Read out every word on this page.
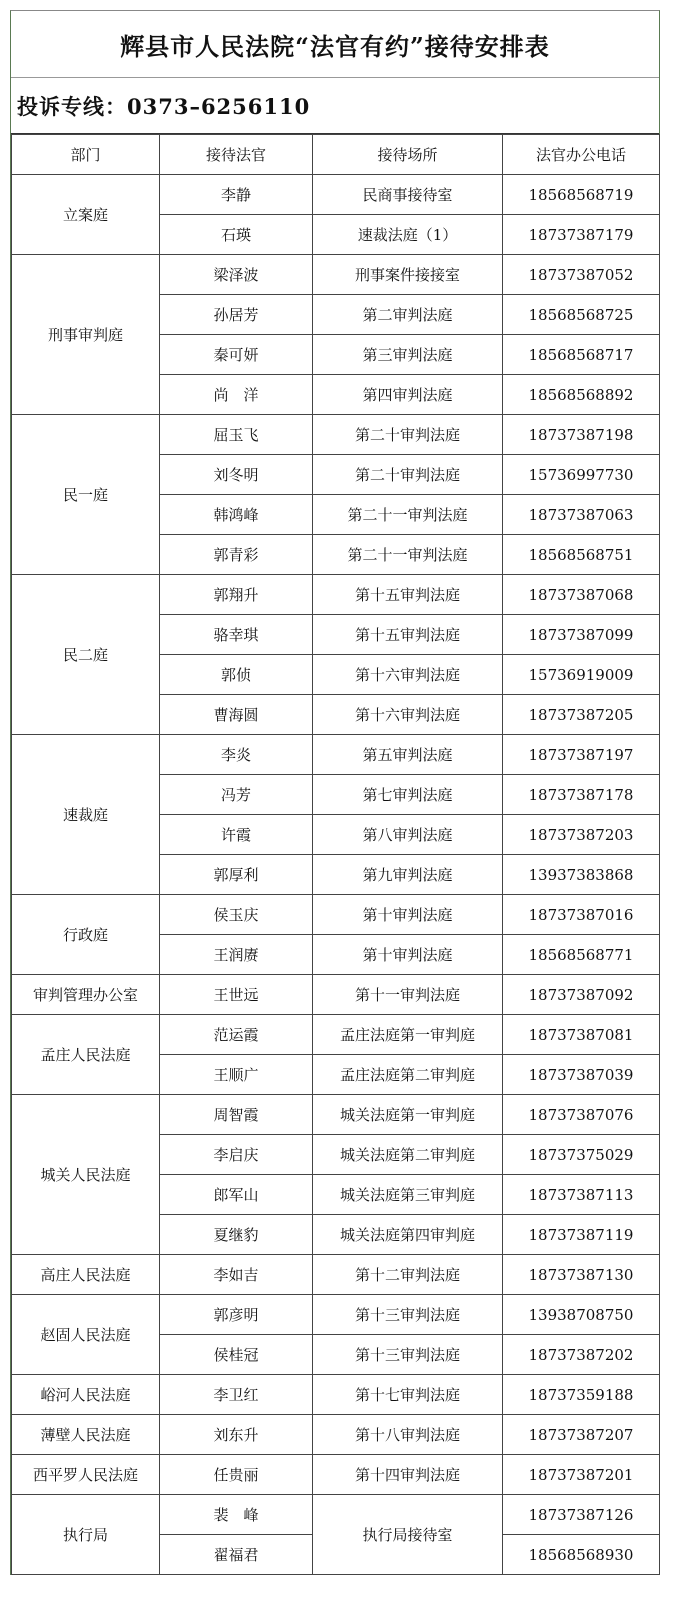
辉县市人民法院“法官有约”接待安排表
投诉专线：0373–6256110
部门	接待法官	接待场所	法官办公电话
立案庭	李静	民商事接待室	18568568719
	石瑛	速裁法庭（1）	18737387179
刑事审判庭	梁泽波	刑事案件接接室	18737387052
	孙居芳	第二审判法庭	18568568725
	秦可妍	第三审判法庭	18568568717
	尚　洋	第四审判法庭	18568568892
民一庭	屈玉飞	第二十审判法庭	18737387198
	刘冬明	第二十审判法庭	15736997730
	韩鸿峰	第二十一审判法庭	18737387063
	郭青彩	第二十一审判法庭	18568568751
民二庭	郭翔升	第十五审判法庭	18737387068
	骆幸琪	第十五审判法庭	18737387099
	郭侦	第十六审判法庭	15736919009
	曹海圆	第十六审判法庭	18737387205
速裁庭	李炎	第五审判法庭	18737387197
	冯芳	第七审判法庭	18737387178
	许霞	第八审判法庭	18737387203
	郭厚利	第九审判法庭	13937383868
行政庭	侯玉庆	第十审判法庭	18737387016
	王润赓	第十审判法庭	18568568771
审判管理办公室	王世远	第十一审判法庭	18737387092
孟庄人民法庭	范运霞	孟庄法庭第一审判庭	18737387081
	王顺广	孟庄法庭第二审判庭	18737387039
城关人民法庭	周智霞	城关法庭第一审判庭	18737387076
	李启庆	城关法庭第二审判庭	18737375029
	郎军山	城关法庭第三审判庭	18737387113
	夏继豹	城关法庭第四审判庭	18737387119
高庄人民法庭	李如吉	第十二审判法庭	18737387130
赵固人民法庭	郭彦明	第十三审判法庭	13938708750
	侯桂冠	第十三审判法庭	18737387202
峪河人民法庭	李卫红	第十七审判法庭	18737359188
薄壁人民法庭	刘东升	第十八审判法庭	18737387207
西平罗人民法庭	任贵丽	第十四审判法庭	18737387201
执行局	裴　峰	执行局接待室	18737387126
	翟福君		18568568930
